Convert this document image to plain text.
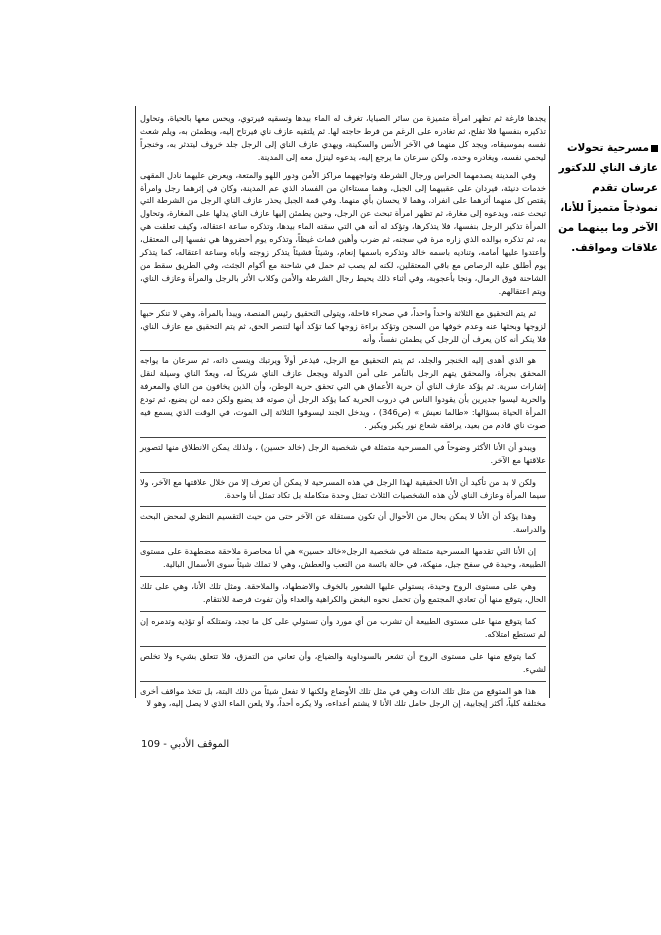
مسرحية تحولات عازف الناي للدكتور عرسان تقدم نموذجاً متميزاً للأنا، الآخر وما بينهما من علاقات ومواقف.

يجدها فارغة ثم تظهر امرأة متميزة من سائر الصبايا، تغرف له الماء بيدها وتسقيه فيرتوي، ويحس معها بالحياة، وتحاول تذكيره بنفسها فلا تفلح، ثم تغادره على الرغم من فرط حاجته لها. ثم يلتقيه عازف ناي فيرتاح إليه، ويطمئن به، ويلم شعث نفسه بموسيقاه، ويجد كل منهما في الآخر الأنس والسكينة، ويهدي عازف الناي إلى الرجل جلد خروف ليتدثر به، وخنجراً ليحمي نفسه، ويغادره وحده، ولكن سرعان ما يرجع إليه، يدعوه لينزل معه إلى المدينة.

وفي المدينة يصدمهما الحراس ورجال الشرطة وتواجههما مراكز الأمن ودور اللهو والمتعة، ويعرض عليهما نادل المقهى خدمات دنيئة، فيردان على عقبيهما إلى الجبل، وهما مستاءان من الفساد الذي عم المدينة، وكان في إثرهما رجل وامرأة يقتص كل منهما أثرهما على انفراد، وهما لا يحسان بأي منهما. وفي قمة الجبل يحذر عازف الناي الرجل من الشرطة التي تبحث عنه، ويدعوه إلى مغارة، ثم تظهر امرأة تبحث عن الرجل، وحين يطمئن إليها عازف الناي يدلها على المغارة، وتحاول المرأة تذكير الرجل بنفسها، فلا يتذكرها، وتؤكد له أنه هي التي سقته الماء بيدها، وتذكره ساعة اعتقاله، وكيف تعلقت هي به، ثم تذكره بوالده الذي زاره مرة في سجنه، ثم ضرب وأهين فمات غيظاً، وتذكره يوم أحضروها هي نفسها إلى المعتقل، وأعتدوا عليها أمامه، وتناديه باسمه خالد وتذكره باسمها إنعام، وشيئاً فشيئاً يتذكر زوجته وأباه وساعة اعتقاله، كما يتذكر يوم أطلق عليه الرصاص مع باقي المعتقلين، لكنه لم يصب ثم حمل في شاحنة مع أكوام الجثث، وفي الطريق سقط من الشاحنة فوق الرمال، ونجا بأعجوبة، وفي أثناء ذلك يحيط رجال الشرطة والأمن وكلاب الأثر بالرجل والمرأة وعازف الناي، ويتم اعتقالهم.

ثم يتم التحقيق مع الثلاثة واحداً واحداً، في صحراء قاحلة، ويتولى التحقيق رئيس المنصة، ويبدأ بالمرأة، وهي لا تنكر حبها لزوجها وبحثها عنه وعدم خوفها من السجن وتؤكد براءة زوجها كما تؤكد أنها لتنصر الحق، ثم يتم التحقيق مع عازف الناي، فلا ينكر أنه كان يعرف أن للرجل كي يطمئن نفساً، وأنه

هو الذي أهدى إليه الخنجر والجلد، ثم يتم التحقيق مع الرجل، فيذعر أولاً ويرتبك وينسى ذاته، ثم سرعان ما يواجه المحقق بجرأة، والمحقق يتهم الرجل بالتآمر على أمن الدولة ويجعل عازف الناي شريكاً له، ويعدّ الناي وسيلة لنقل إشارات سرية. ثم يؤكد عازف الناي أن حرية الأعماق هي التي تحقق حرية الوطن، وأن الذين يخافون من الناي والمعرفة والحرية ليسوا جديرين بأن يقودوا الناس في دروب الحرية كما يؤكد الرجل أن صوته قد يضيع ولكن دمه لن يضيع، ثم تودع المرأة الحياة بسؤالها: «طالما نعيش » (ص346) ، ويدخل الجند ليسوقوا الثلاثة إلى الموت، في الوقت الذي يسمع فيه صوت ناي قادم من بعيد، يرافقه شعاع نور يكبر ويكبر .

ويبدو أن الأنا الأكثر وضوحاً في المسرحية متمثلة في شخصية الرجل (خالد حسين) ، ولذلك يمكن الانطلاق منها لتصوير علاقتها مع الآخر.

ولكن لا بد من تأكيد أن الأنا الحقيقية لهذا الرجل في هذه المسرحية لا يمكن أن تعرف إلا من خلال علاقتها مع الآخر، ولا سيما المرأة وعازف الناي لأن هذه الشخصيات الثلاث تمثل وحدة متكاملة بل تكاد تمثل أنا واحدة.

وهذا يؤكد أن الأنا لا يمكن بحال من الأحوال أن تكون مستقلة عن الآخر حتى من حيث التقسيم النظري لمحض البحث والدراسة.

إن الأنا التي تقدمها المسرحية متمثلة في شخصية الرجل«خالد حسين» هي أنا محاصرة ملاحقة مضطهدة على مستوى الطبيعة، وحيدة في سفح جبل، منهكة، في حالة بائسة من التعب والعطش، وهي لا تملك شيئاً سوى الأسمال البالية.

وهي على مستوى الروح وحيدة، يستولي عليها الشعور بالخوف والاضطهاد، والملاحقة. ومثل تلك الأنا، وهي على تلك الحال، يتوقع منها أن تعادي المجتمع وأن تحمل نحوه البغض والكراهية والعداء وأن تفوت فرصة للانتقام.

كما يتوقع منها على مستوى الطبيعة أن تشرب من أي مورد وأن تستولي على كل ما تجد، وتمتلكه أو تؤذيه وتدمره إن لم تستطع امتلاكه.

كما يتوقع منها على مستوى الروح أن تشعر بالسوداوية والضياع، وأن تعاني من التمزق، فلا تتعلق بشيء ولا تخلص لشيء.

هذا هو المتوقع من مثل تلك الذات وهي في مثل تلك الأوضاع ولكنها لا تفعل شيئاً من ذلك البتة، بل تتخذ مواقف أخرى مختلفة كلياً، أكثر إيجابية، إن الرجل حامل تلك الأنا لا يشتم أعداءه، ولا يكره أحداً، ولا يلعن الماء الذي لا يصل إليه، وهو لا

الموقف الأدبي - 109
